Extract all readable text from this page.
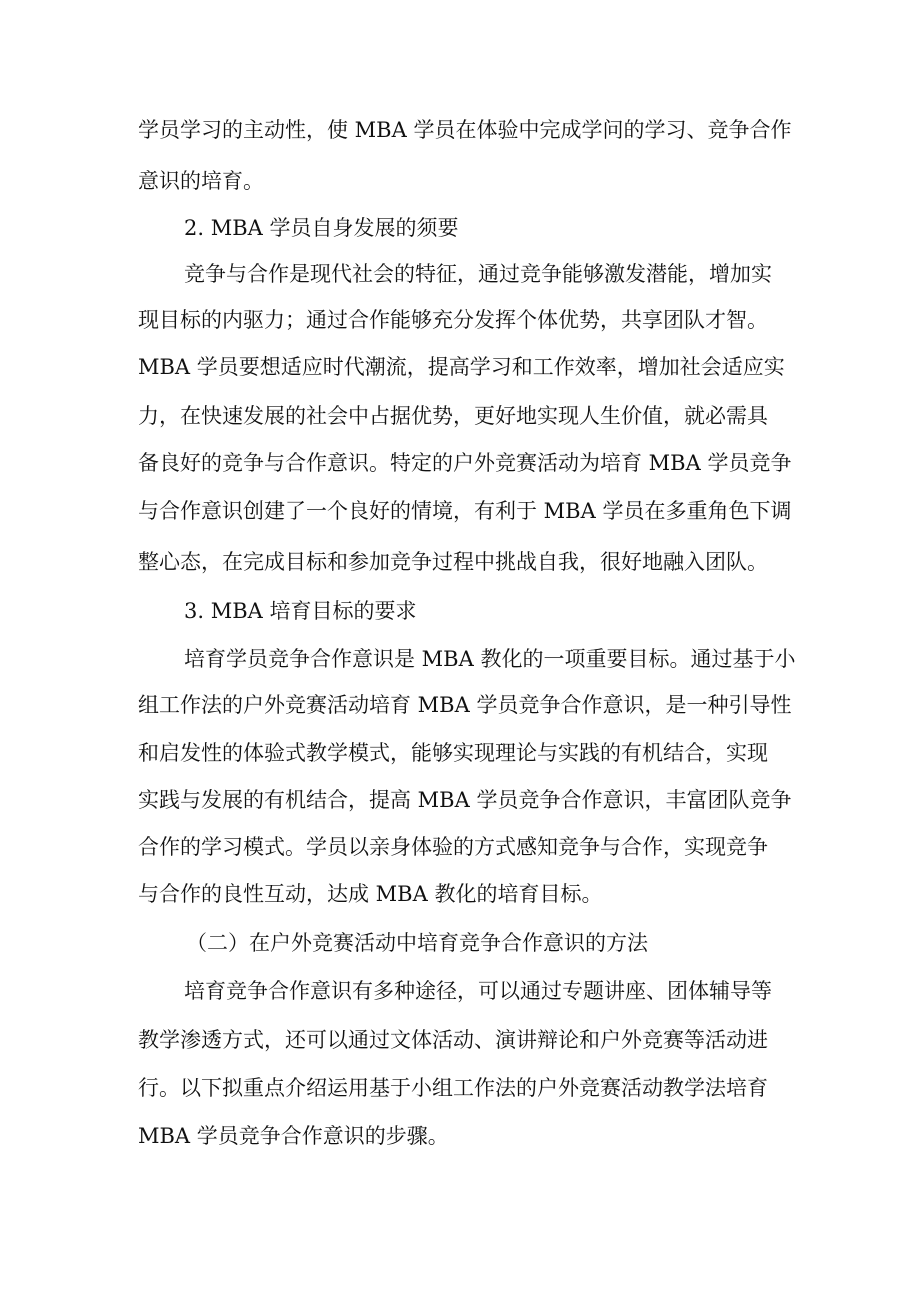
学员学习的主动性，使 MBA 学员在体验中完成学问的学习、竞争合作
意识的培育。
2. MBA 学员自身发展的须要
竞争与合作是现代社会的特征，通过竞争能够激发潜能，增加实
现目标的内驱力；通过合作能够充分发挥个体优势，共享团队才智。
MBA 学员要想适应时代潮流，提高学习和工作效率，增加社会适应实
力，在快速发展的社会中占据优势，更好地实现人生价值，就必需具
备良好的竞争与合作意识。特定的户外竞赛活动为培育 MBA 学员竞争
与合作意识创建了一个良好的情境，有利于 MBA 学员在多重角色下调
整心态，在完成目标和参加竞争过程中挑战自我，很好地融入团队。
3. MBA 培育目标的要求
培育学员竞争合作意识是 MBA 教化的一项重要目标。通过基于小
组工作法的户外竞赛活动培育 MBA 学员竞争合作意识，是一种引导性
和启发性的体验式教学模式，能够实现理论与实践的有机结合，实现
实践与发展的有机结合，提高 MBA 学员竞争合作意识，丰富团队竞争
合作的学习模式。学员以亲身体验的方式感知竞争与合作，实现竞争
与合作的良性互动，达成 MBA 教化的培育目标。
（二）在户外竞赛活动中培育竞争合作意识的方法
培育竞争合作意识有多种途径，可以通过专题讲座、团体辅导等
教学渗透方式，还可以通过文体活动、演讲辩论和户外竞赛等活动进
行。以下拟重点介绍运用基于小组工作法的户外竞赛活动教学法培育
MBA 学员竞争合作意识的步骤。
